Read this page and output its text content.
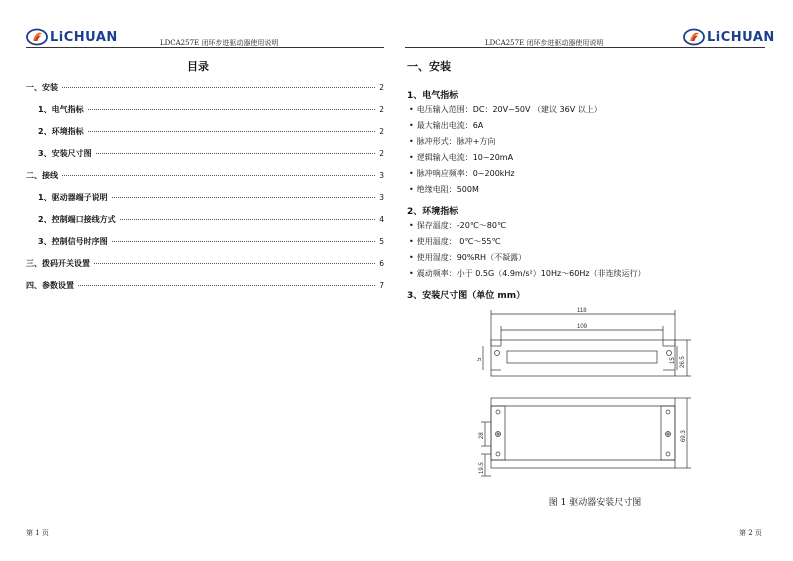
LiCHUAN	LDCA257E 闭环步进驱动器使用说明
目录
一、安装	2
1、电气指标	2
2、环境指标	2
3、安装尺寸图	2
二、接线	3
1、驱动器端子说明	3
2、控制端口接线方式	4
3、控制信号时序图	5
三、拨码开关设置	6
四、参数设置	7
第 1 页
LDCA257E 闭环步进驱动器使用说明	LiCHUAN
一、安装
1、电气指标
• 电压输入范围：DC：20V~50V （建议 36V 以上）
• 最大输出电流：6A
• 脉冲形式：脉冲+方向
• 逻辑输入电流：10~20mA
• 脉冲响应频率：0~200kHz
• 绝缘电阻：500M
2、环境指标
• 保存温度：-20℃～80℃
• 使用温度： 0℃～55℃
• 使用湿度：90%RH（不凝露）
• 震动频率：小于 0.5G（4.9m/s²）10Hz～60Hz（非连续运行）
3、安装尺寸图（单位 mm）
118
109
26.5
15
5
28
19.5
69.3
图 1 驱动器安装尺寸图
第 2 页
